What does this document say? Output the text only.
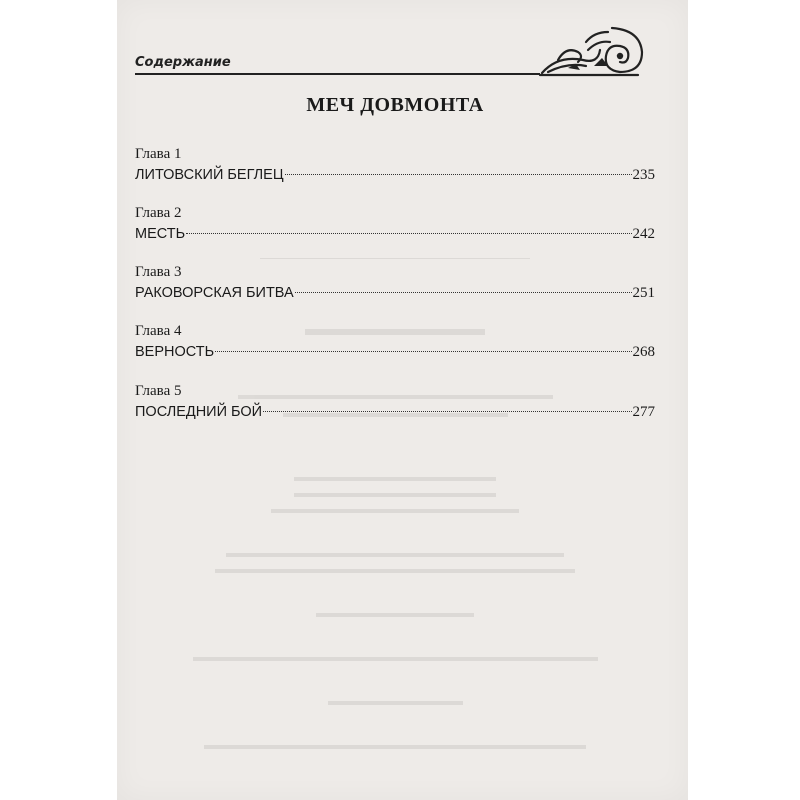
Содержание
МЕЧ ДОВМОНТА
Глава 1
ЛИТОВСКИЙ БЕГЛЕЦ	235
Глава 2
МЕСТЬ	242
Глава 3
РАКОВОРСКАЯ БИТВА	251
Глава 4
ВЕРНОСТЬ	268
Глава 5
ПОСЛЕДНИЙ БОЙ	277
